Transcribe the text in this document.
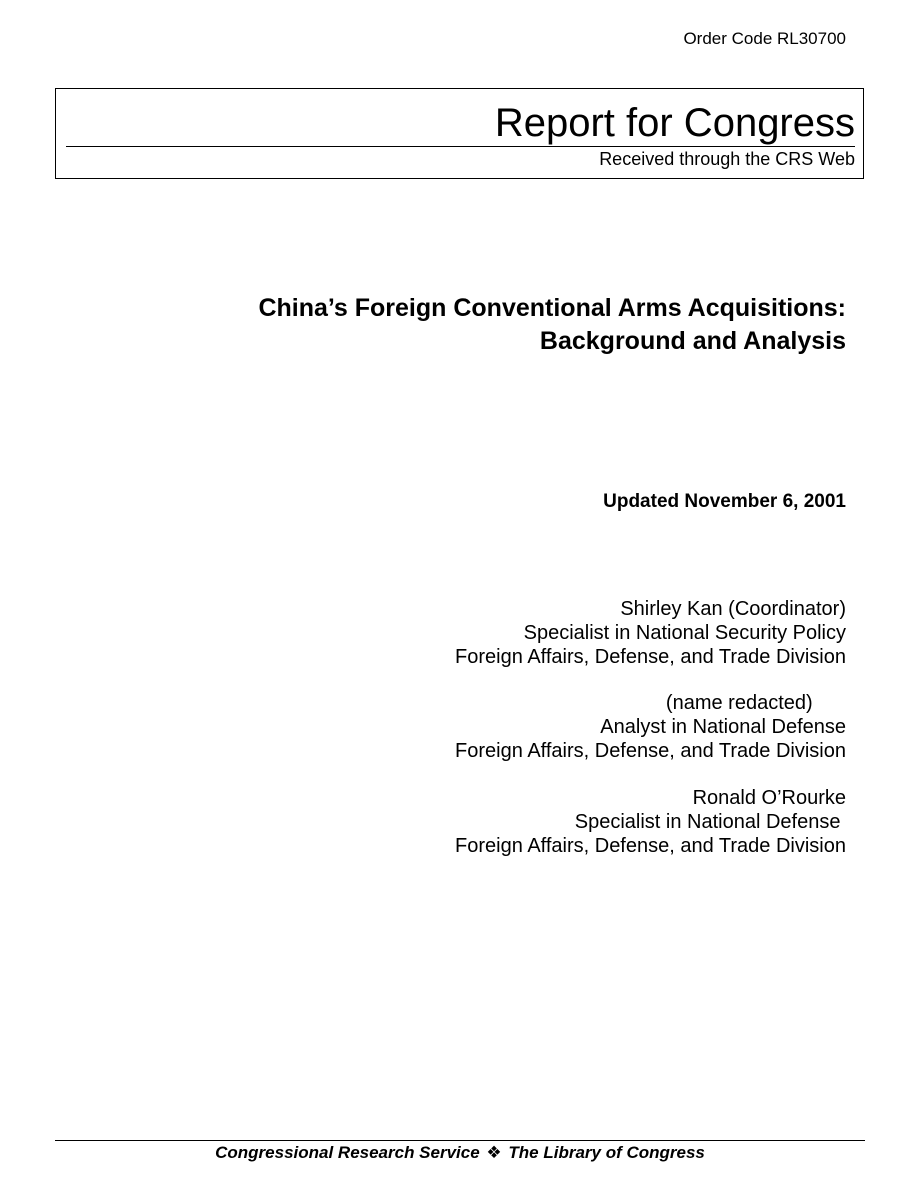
Order Code RL30700
Report for Congress
Received through the CRS Web
China’s Foreign Conventional Arms Acquisitions:
Background and Analysis
Updated November 6, 2001
Shirley Kan (Coordinator)
Specialist in National Security Policy
Foreign Affairs, Defense, and Trade Division
(name redacted)
Analyst in National Defense
Foreign Affairs, Defense, and Trade Division
Ronald O’Rourke
Specialist in National Defense
Foreign Affairs, Defense, and Trade Division
Congressional Research Service ❖ The Library of Congress
